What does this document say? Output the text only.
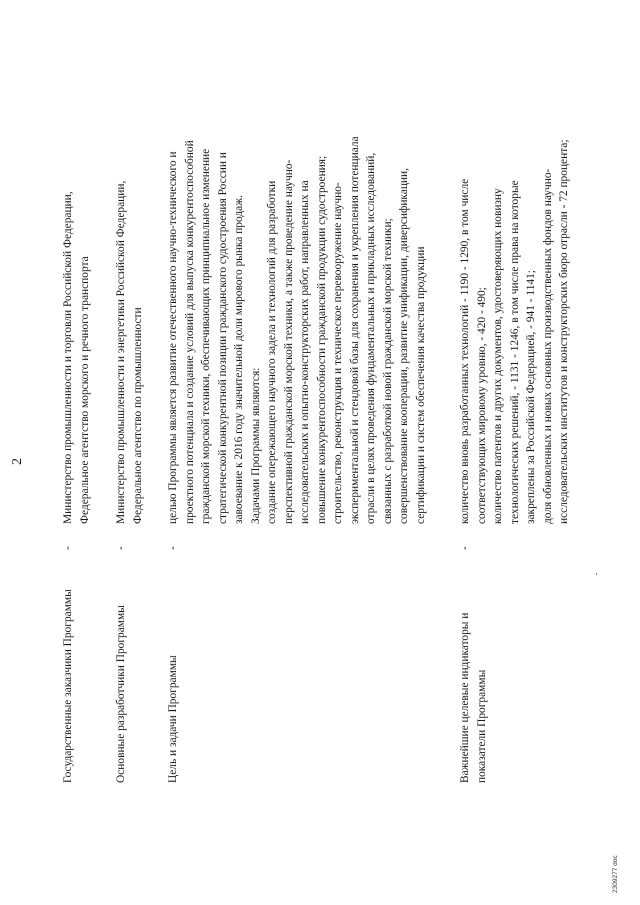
2
Государственные заказчики Программы
-
Министерство промышленности и торговли Российской Федерации, Федеральное агентство морского и речного транспорта
Основные разработчики Программы
-
Министерство промышленности и энергетики Российской Федерации, Федеральное агентство по промышленности
Цель и задачи Программы
-
целью Программы является развитие отечественного научно-технического и проектного потенциала и создание условий для выпуска конкурентоспособной гражданской морской техники, обеспечивающих принципиальное изменение стратегической конкурентной позиции гражданского судостроения России и завоевание к 2016 году значительной доли мирового рынка продаж. Задачами Программы являются: создание опережающего научного задела и технологий для разработки перспективной гражданской морской техники, а также проведение научно- исследовательских и опытно-конструкторских работ, направленных на повышение конкурентоспособности гражданской продукции судостроения; строительство, реконструкция и техническое перевооружение научно- экспериментальной и стендовой базы для сохранения и укрепления потенциала отрасли в целях проведения фундаментальных и прикладных исследований, связанных с разработкой новой гражданской морской техники; совершенствование кооперации, развитие унификации, диверсификации, сертификации и систем обеспечения качества продукции
Важнейшие целевые индикаторы и показатели Программы
-
количество вновь разработанных технологий - 1190 - 1290, в том числе соответствующих мировому уровню, - 420 - 490; количество патентов и других документов, удостоверяющих новизну технологических решений, - 1131 - 1246, в том числе права на которые закреплены за Российской Федерацией, - 941 - 1141; доля обновленных и новых основных производственных фондов научно- исследовательских институтов и конструкторских бюро отрасли - 72 процента;
2309277 doc
